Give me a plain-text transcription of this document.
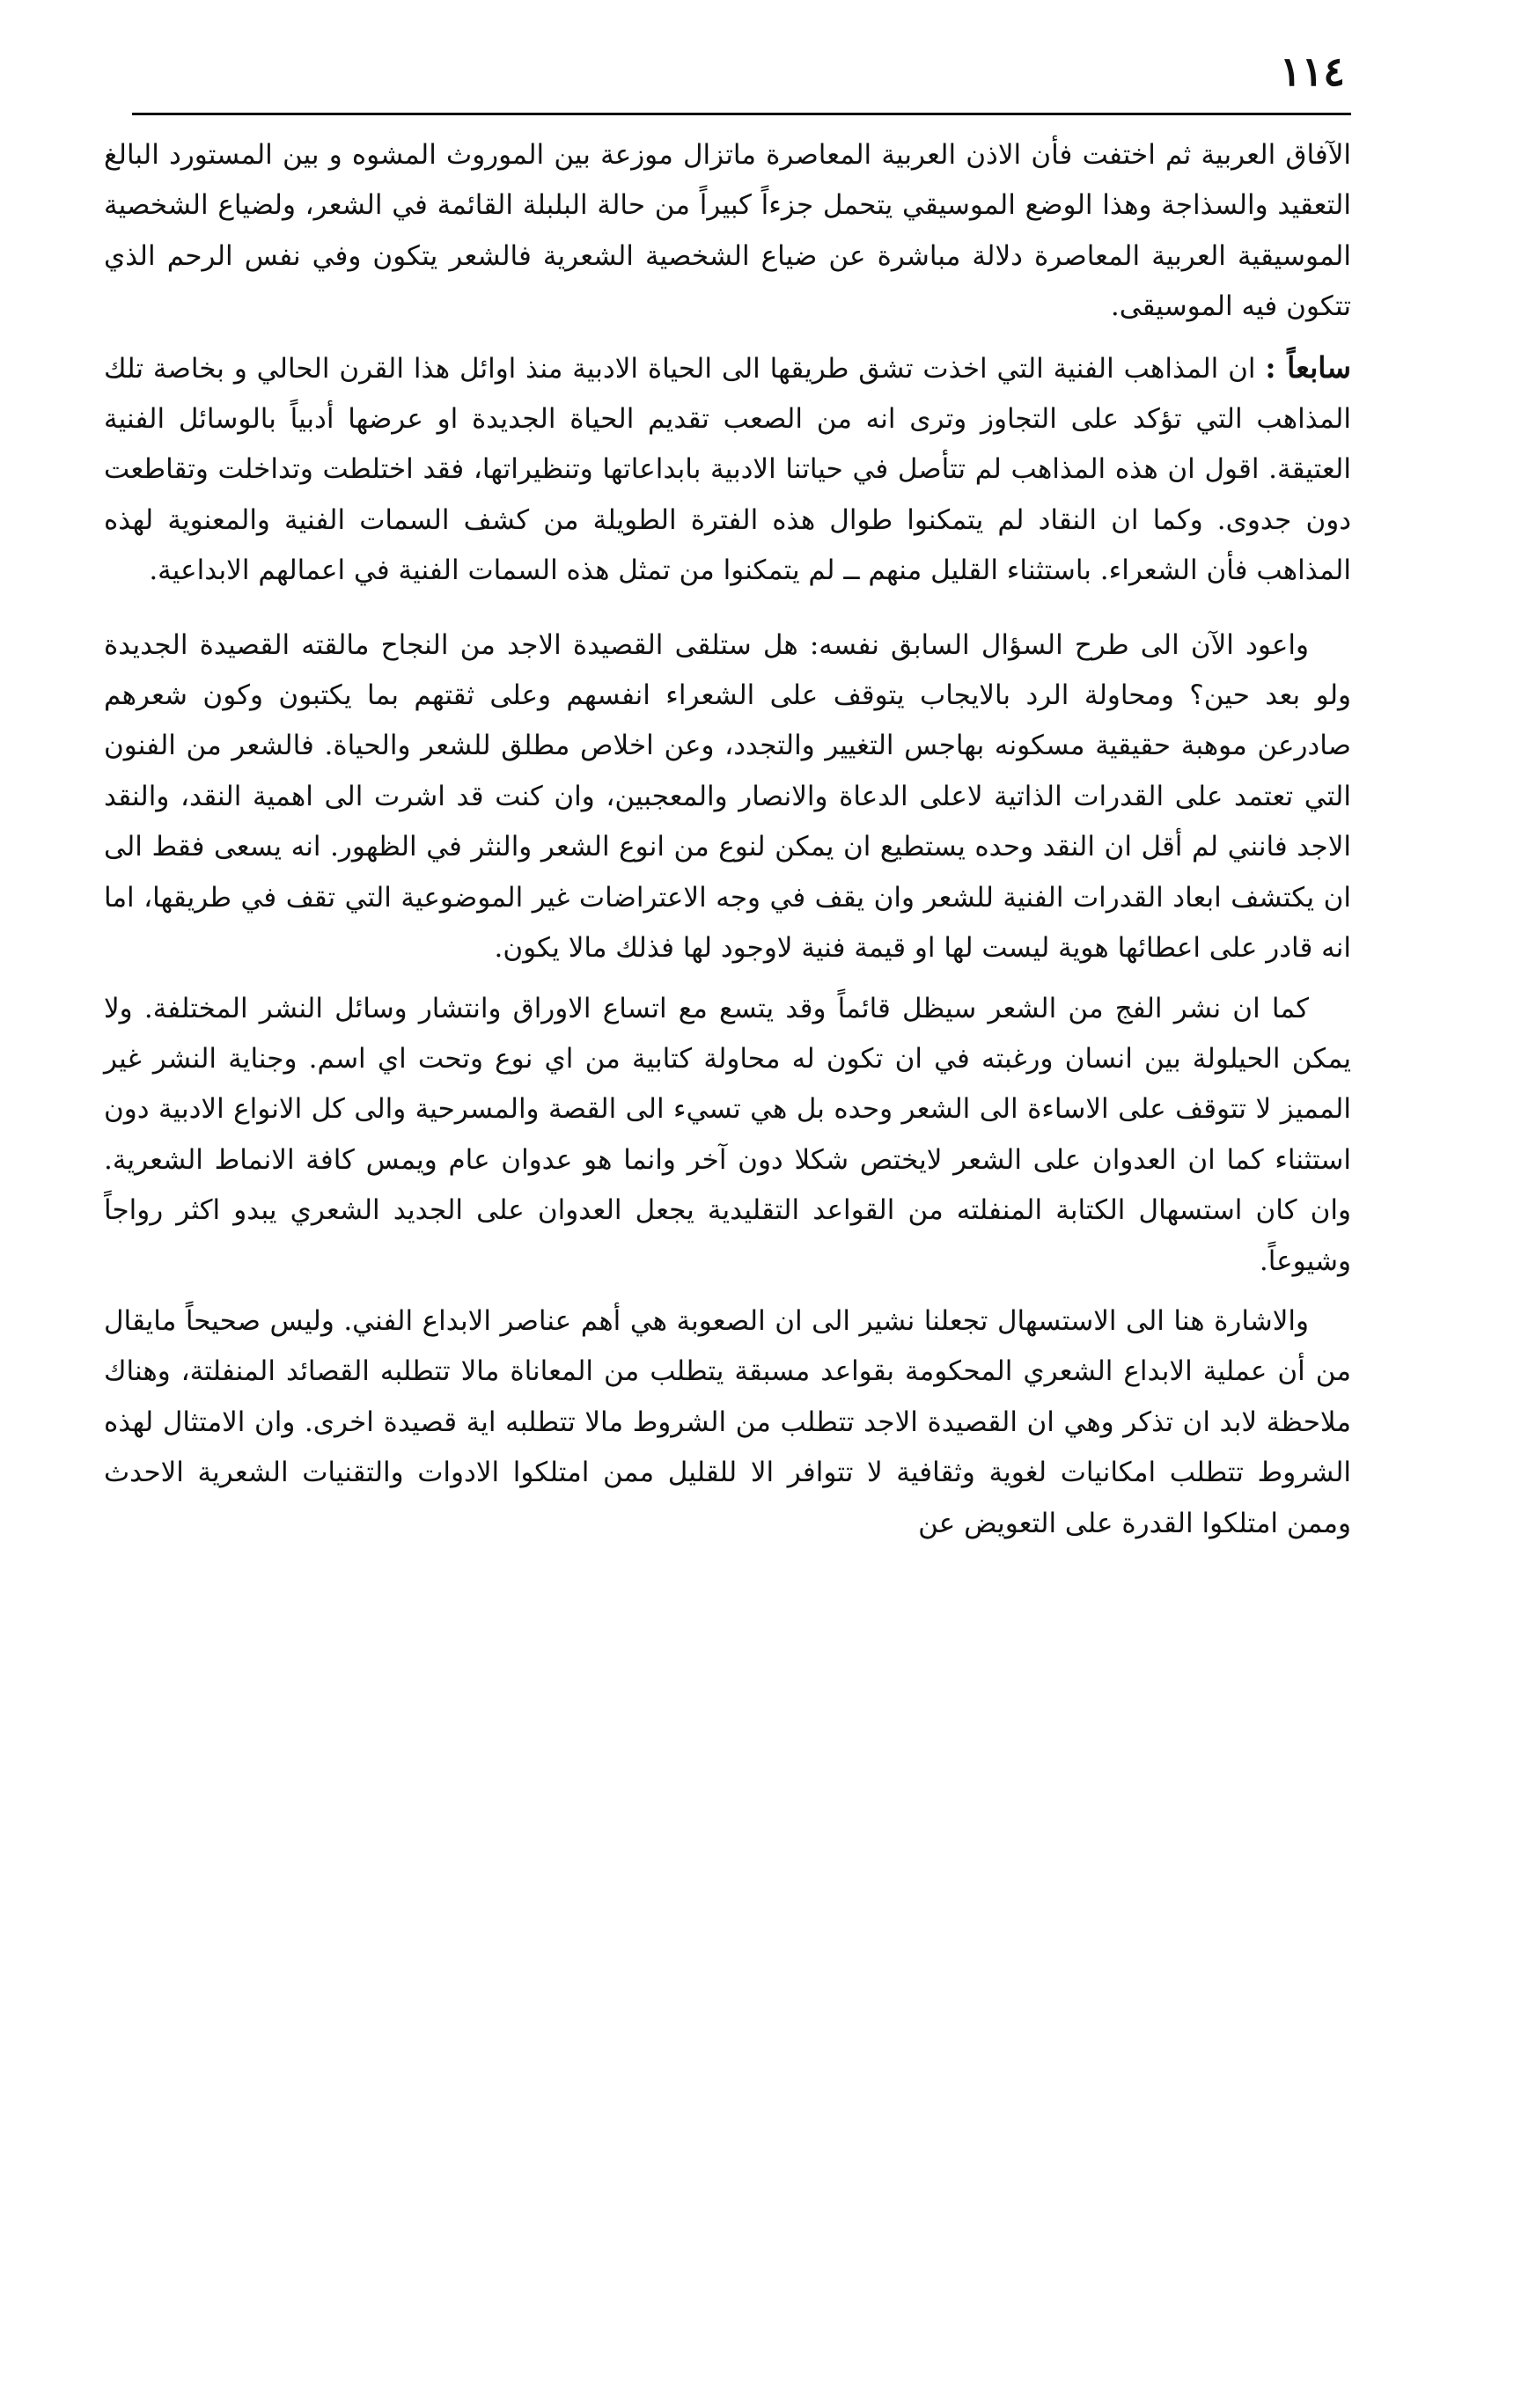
١١٤

الآفاق العربية ثم اختفت فأن الاذن العربية المعاصرة ماتزال موزعة بين الموروث المشوه و بين المستورد البالغ التعقيد والسذاجة وهذا الوضع الموسيقي يتحمل جزءاً كبيراً من حالة البلبلة القائمة في الشعر، ولضياع الشخصية الموسيقية العربية المعاصرة دلالة مباشرة عن ضياع الشخصية الشعرية فالشعر يتكون وفي نفس الرحم الذي تتكون فيه الموسيقى.

سابعاً : ان المذاهب الفنية التي اخذت تشق طريقها الى الحياة الادبية منذ اوائل هذا القرن الحالي و بخاصة تلك المذاهب التي تؤكد على التجاوز وترى انه من الصعب تقديم الحياة الجديدة او عرضها أدبياً بالوسائل الفنية العتيقة. اقول ان هذه المذاهب لم تتأصل في حياتنا الادبية بابداعاتها وتنظيراتها، فقد اختلطت وتداخلت وتقاطعت دون جدوى. وكما ان النقاد لم يتمكنوا طوال هذه الفترة الطويلة من كشف السمات الفنية والمعنوية لهذه المذاهب فأن الشعراء. باستثناء القليل منهم ــ لم يتمكنوا من تمثل هذه السمات الفنية في اعمالهم الابداعية.

واعود الآن الى طرح السؤال السابق نفسه: هل ستلقى القصيدة الاجد من النجاح مالقته القصيدة الجديدة ولو بعد حين؟ ومحاولة الرد بالايجاب يتوقف على الشعراء انفسهم وعلى ثقتهم بما يكتبون وكون شعرهم صادرعن موهبة حقيقية مسكونه بهاجس التغيير والتجدد، وعن اخلاص مطلق للشعر والحياة. فالشعر من الفنون التي تعتمد على القدرات الذاتية لاعلى الدعاة والانصار والمعجبين، وان كنت قد اشرت الى اهمية النقد، والنقد الاجد فانني لم أقل ان النقد وحده يستطيع ان يمكن لنوع من انوع الشعر والنثر في الظهور. انه يسعى فقط الى ان يكتشف ابعاد القدرات الفنية للشعر وان يقف في وجه الاعتراضات غير الموضوعية التي تقف في طريقها، اما انه قادر على اعطائها هوية ليست لها او قيمة فنية لاوجود لها فذلك مالا يكون.

كما ان نشر الفج من الشعر سيظل قائماً وقد يتسع مع اتساع الاوراق وانتشار وسائل النشر المختلفة. ولا يمكن الحيلولة بين انسان ورغبته في ان تكون له محاولة كتابية من اي نوع وتحت اي اسم. وجناية النشر غير المميز لا تتوقف على الاساءة الى الشعر وحده بل هي تسيء الى القصة والمسرحية والى كل الانواع الادبية دون استثناء كما ان العدوان على الشعر لايختص شكلا دون آخر وانما هو عدوان عام ويمس كافة الانماط الشعرية. وان كان استسهال الكتابة المنفلته من القواعد التقليدية يجعل العدوان على الجديد الشعري يبدو اكثر رواجاً وشيوعاً.

والاشارة هنا الى الاستسهال تجعلنا نشير الى ان الصعوبة هي أهم عناصر الابداع الفني. وليس صحيحاً مايقال من أن عملية الابداع الشعري المحكومة بقواعد مسبقة يتطلب من المعاناة مالا تتطلبه القصائد المنفلتة، وهناك ملاحظة لابد ان تذكر وهي ان القصيدة الاجد تتطلب من الشروط مالا تتطلبه اية قصيدة اخرى. وان الامتثال لهذه الشروط تتطلب امكانيات لغوية وثقافية لا تتوافر الا للقليل ممن امتلكوا الادوات والتقنيات الشعرية الاحدث وممن امتلكوا القدرة على التعويض عن
